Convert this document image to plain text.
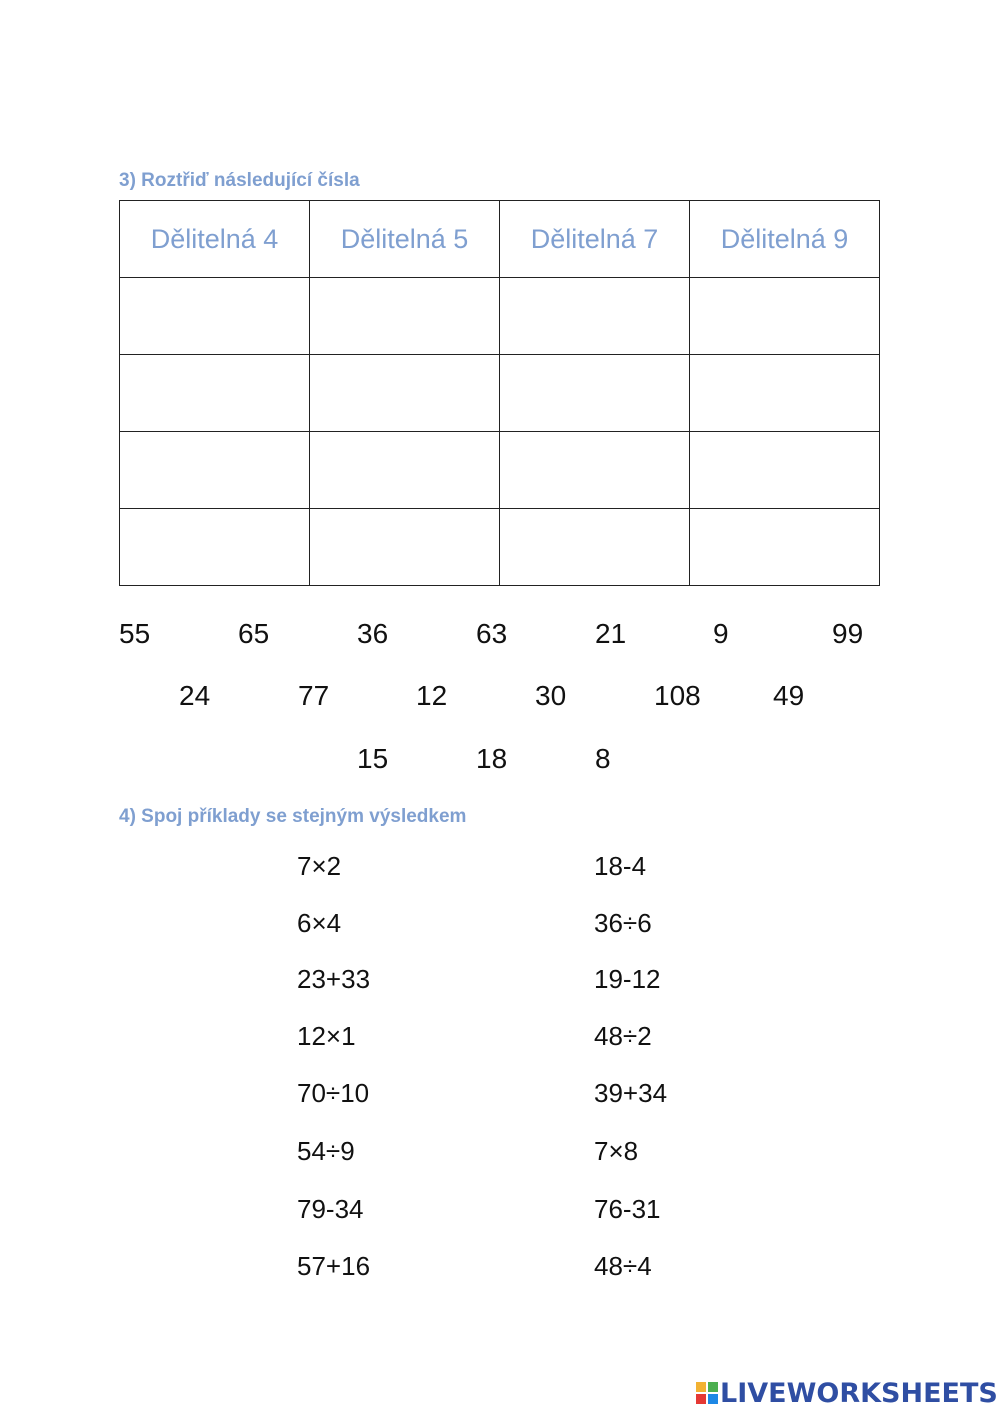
3) Roztřiď následující čísla
Dělitelná 4	Dělitelná 5	Dělitelná 7	Dělitelná 9

55	65	36	63	21	9	99
24	77	12	30	108	49
15	18	8
4) Spoj příklady se stejným výsledkem
7×2
6×4
23+33
12×1
70÷10
54÷9
79-34
57+16
18-4
36÷6
19-12
48÷2
39+34
7×8
76-31
48÷4
LIVEWORKSHEETS
